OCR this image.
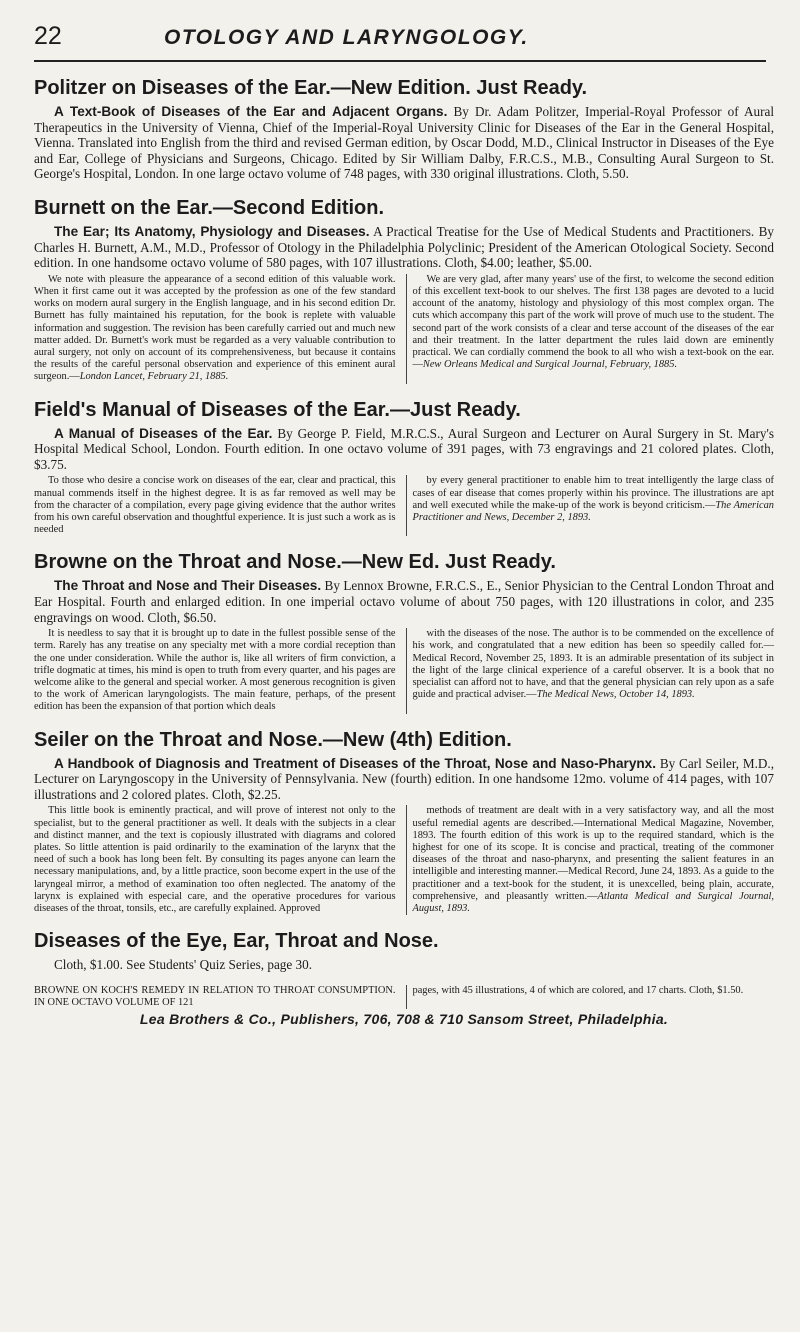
22	OTOLOGY AND LARYNGOLOGY.
Politzer on Diseases of the Ear.—New Edition. Just Ready.

A Text-Book of Diseases of the Ear and Adjacent Organs. By Dr. Adam Politzer, Imperial-Royal Professor of Aural Therapeutics in the University of Vienna, Chief of the Imperial-Royal University Clinic for Diseases of the Ear in the General Hospital, Vienna. Translated into English from the third and revised German edition, by Oscar Dodd, M.D., Clinical Instructor in Diseases of the Eye and Ear, College of Physicians and Surgeons, Chicago. Edited by Sir William Dalby, F.R.C.S., M.B., Consulting Aural Surgeon to St. George's Hospital, London. In one large octavo volume of 748 pages, with 330 original illustrations. Cloth, 5.50.

Burnett on the Ear.—Second Edition.

The Ear; Its Anatomy, Physiology and Diseases. A Practical Treatise for the Use of Medical Students and Practitioners. By Charles H. Burnett, A.M., M.D., Professor of Otology in the Philadelphia Polyclinic; President of the American Otological Society. Second edition. In one handsome octavo volume of 580 pages, with 107 illustrations. Cloth, $4.00; leather, $5.00.

We note with pleasure the appearance of a second edition of this valuable work. When it first came out it was accepted by the profession as one of the few standard works on modern aural surgery in the English language, and in his second edition Dr. Burnett has fully maintained his reputation, for the book is replete with valuable information and suggestion. The revision has been carefully carried out and much new matter added. Dr. Burnett's work must be regarded as a very valuable contribution to aural surgery, not only on account of its comprehensiveness, but because it contains the results of the careful personal observation and experience of this eminent aural surgeon.—London Lancet, February 21, 1885.

We are very glad, after many years' use of the first, to welcome the second edition of this excellent text-book to our shelves. The first 138 pages are devoted to a lucid account of the anatomy, histology and physiology of this most complex organ. The cuts which accompany this part of the work will prove of much use to the student. The second part of the work consists of a clear and terse account of the diseases of the ear and their treatment. In the latter department the rules laid down are eminently practical. We can cordially commend the book to all who wish a text-book on the ear.—New Orleans Medical and Surgical Journal, February, 1885.

Field's Manual of Diseases of the Ear.—Just Ready.

A Manual of Diseases of the Ear. By George P. Field, M.R.C.S., Aural Surgeon and Lecturer on Aural Surgery in St. Mary's Hospital Medical School, London. Fourth edition. In one octavo volume of 391 pages, with 73 engravings and 21 colored plates. Cloth, $3.75.

To those who desire a concise work on diseases of the ear, clear and practical, this manual commends itself in the highest degree. It is as far removed as well may be from the character of a compilation, every page giving evidence that the author writes from his own careful observation and thoughtful experience. It is just such a work as is needed

by every general practitioner to enable him to treat intelligently the large class of cases of ear disease that comes properly within his province. The illustrations are apt and well executed while the make-up of the work is beyond criticism.—The American Practitioner and News, December 2, 1893.

Browne on the Throat and Nose.—New Ed. Just Ready.

The Throat and Nose and Their Diseases. By Lennox Browne, F.R.C.S., E., Senior Physician to the Central London Throat and Ear Hospital. Fourth and enlarged edition. In one imperial octavo volume of about 750 pages, with 120 illustrations in color, and 235 engravings on wood. Cloth, $6.50.

It is needless to say that it is brought up to date in the fullest possible sense of the term. Rarely has any treatise on any specialty met with a more cordial reception than the one under consideration. While the author is, like all writers of firm conviction, a trifle dogmatic at times, his mind is open to truth from every quarter, and his pages are welcome alike to the general and special worker. A most generous recognition is given to the work of American laryngologists. The main feature, perhaps, of the present edition has been the expansion of that portion which deals

with the diseases of the nose. The author is to be commended on the excellence of his work, and congratulated that a new edition has been so speedily called for.—Medical Record, November 25, 1893. It is an admirable presentation of its subject in the light of the large clinical experience of a careful observer. It is a book that no specialist can afford not to have, and that the general physician can rely upon as a safe guide and practical adviser.—The Medical News, October 14, 1893.

Seiler on the Throat and Nose.—New (4th) Edition.

A Handbook of Diagnosis and Treatment of Diseases of the Throat, Nose and Naso-Pharynx. By Carl Seiler, M.D., Lecturer on Laryngoscopy in the University of Pennsylvania. New (fourth) edition. In one handsome 12mo. volume of 414 pages, with 107 illustrations and 2 colored plates. Cloth, $2.25.

This little book is eminently practical, and will prove of interest not only to the specialist, but to the general practitioner as well. It deals with the subjects in a clear and distinct manner, and the text is copiously illustrated with diagrams and colored plates. So little attention is paid ordinarily to the examination of the larynx that the need of such a book has long been felt. By consulting its pages anyone can learn the necessary manipulations, and, by a little practice, soon become expert in the use of the laryngeal mirror, a method of examination too often neglected. The anatomy of the larynx is explained with especial care, and the operative procedures for various diseases of the throat, tonsils, etc., are carefully explained. Approved

methods of treatment are dealt with in a very satisfactory way, and all the most useful remedial agents are described.—International Medical Magazine, November, 1893. The fourth edition of this work is up to the required standard, which is the highest for one of its scope. It is concise and practical, treating of the commoner diseases of the throat and naso-pharynx, and presenting the salient features in an intelligible and interesting manner.—Medical Record, June 24, 1893. As a guide to the practitioner and a text-book for the student, it is unexcelled, being plain, accurate, comprehensive, and pleasantly written.—Atlanta Medical and Surgical Journal, August, 1893.

Diseases of the Eye, Ear, Throat and Nose.

Cloth, $1.00. See Students' Quiz Series, page 30.

BROWNE ON KOCH'S REMEDY IN RELATION TO THROAT CONSUMPTION. IN ONE OCTAVO VOLUME OF 121
pages, with 45 illustrations, 4 of which are colored, and 17 charts. Cloth, $1.50.
Lea Brothers & Co., Publishers, 706, 708 & 710 Sansom Street, Philadelphia.
